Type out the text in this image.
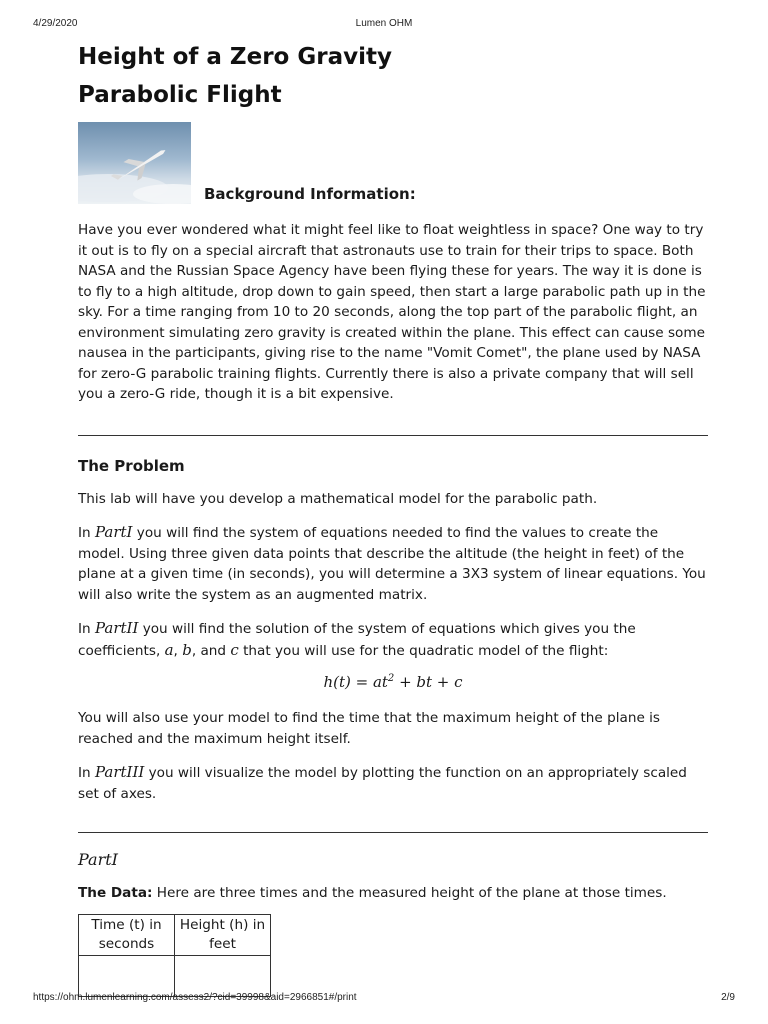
4/29/2020	Lumen OHM
Height of a Zero Gravity Parabolic Flight
Background Information:

Have you ever wondered what it might feel like to float weightless in space? One way to try it out is to fly on a special aircraft that astronauts use to train for their trips to space. Both NASA and the Russian Space Agency have been flying these for years. The way it is done is to fly to a high altitude, drop down to gain speed, then start a large parabolic path up in the sky. For a time ranging from 10 to 20 seconds, along the top part of the parabolic flight, an environment simulating zero gravity is created within the plane. This effect can cause some nausea in the participants, giving rise to the name "Vomit Comet", the plane used by NASA for zero-G parabolic training flights. Currently there is also a private company that will sell you a zero-G ride, though it is a bit expensive.

The Problem

This lab will have you develop a mathematical model for the parabolic path.

In PartI you will find the system of equations needed to find the values to create the model. Using three given data points that describe the altitude (the height in feet) of the plane at a given time (in seconds), you will determine a 3X3 system of linear equations. You will also write the system as an augmented matrix.

In PartII you will find the solution of the system of equations which gives you the coefficients, a, b, and c that you will use for the quadratic model of the flight:

$h(t) = at^2$ + bt + c

You will also use your model to find the time that the maximum height of the plane is reached and the maximum height itself.

In PartIII you will visualize the model by plotting the function on an appropriately scaled set of axes.

PartI

The Data: Here are three times and the measured height of the plane at those times.

Time (t) in seconds	Height (h) in feet

https://ohm.lumenlearning.com/assess2/?cid=39998&aid=2966851#/print	2/9
